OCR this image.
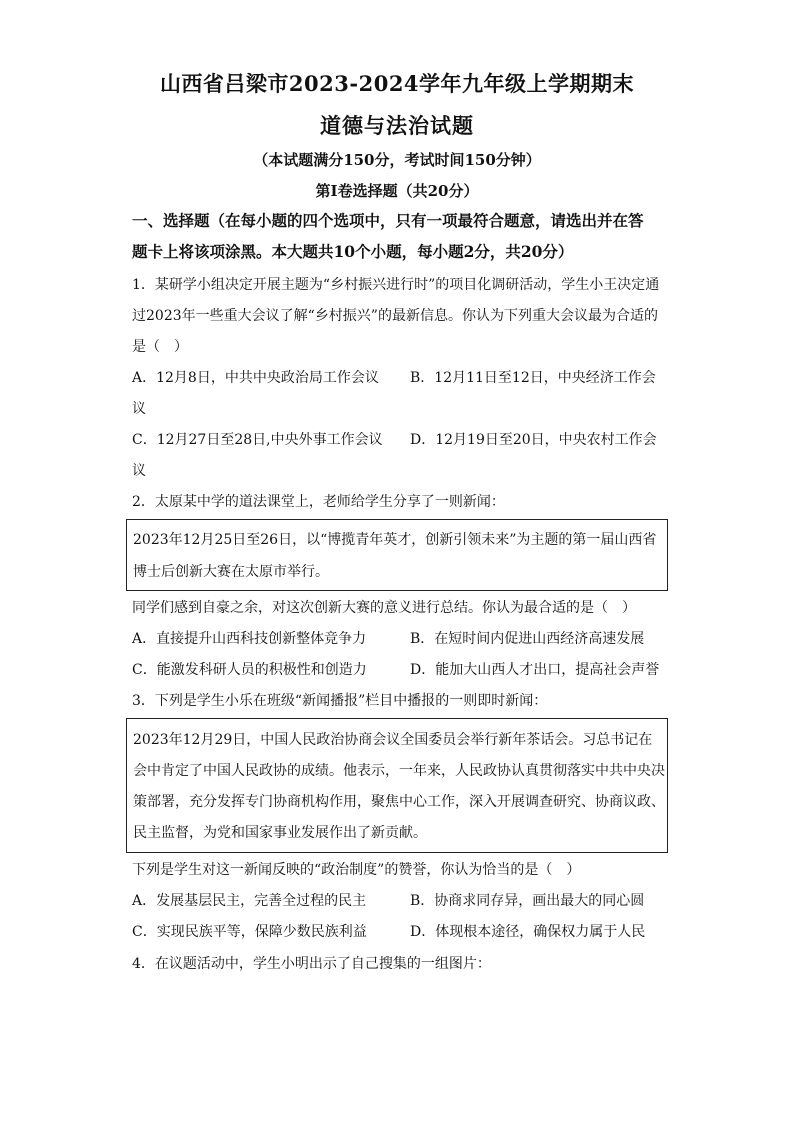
山西省吕梁市2023-2024学年九年级上学期期末
道德与法治试题
（本试题满分150分，考试时间150分钟）
第Ⅰ卷选择题（共20分）
一、选择题（在每小题的四个选项中，只有一项最符合题意，请选出并在答
题卡上将该项涂黑。本大题共10个小题，每小题2分，共20分）
1．某研学小组决定开展主题为“乡村振兴进行时”的项目化调研活动，学生小王决定通
过2023年一些重大会议了解“乡村振兴”的最新信息。你认为下列重大会议最为合适的
是（　）
A．12月8日，中共中央政治局工作会议 B．12月11日至12日，中央经济工作会
议
C．12月27日至28日,中央外事工作会议 D．12月19日至20日，中央农村工作会
议
2．太原某中学的道法课堂上，老师给学生分享了一则新闻：
2023年12月25日至26日，以“博揽青年英才，创新引领未来”为主题的第一届山西省
博士后创新大赛在太原市举行。
同学们感到自豪之余，对这次创新大赛的意义进行总结。你认为最合适的是（　）
A．直接提升山西科技创新整体竞争力	B．在短时间内促进山西经济高速发展
C．能激发科研人员的积极性和创造力	D．能加大山西人才出口，提高社会声誉
3．下列是学生小乐在班级“新闻播报”栏目中播报的一则即时新闻：
2023年12月29日，中国人民政治协商会议全国委员会举行新年茶话会。习总书记在
会中肯定了中国人民政协的成绩。他表示，一年来，人民政协认真贯彻落实中共中央决
策部署，充分发挥专门协商机构作用，聚焦中心工作，深入开展调查研究、协商议政、
民主监督，为党和国家事业发展作出了新贡献。
下列是学生对这一新闻反映的“政治制度”的赞誉，你认为恰当的是（　）
A．发展基层民主，完善全过程的民主	B．协商求同存异，画出最大的同心圆
C．实现民族平等，保障少数民族利益	D．体现根本途径，确保权力属于人民
4．在议题活动中，学生小明出示了自己搜集的一组图片：
